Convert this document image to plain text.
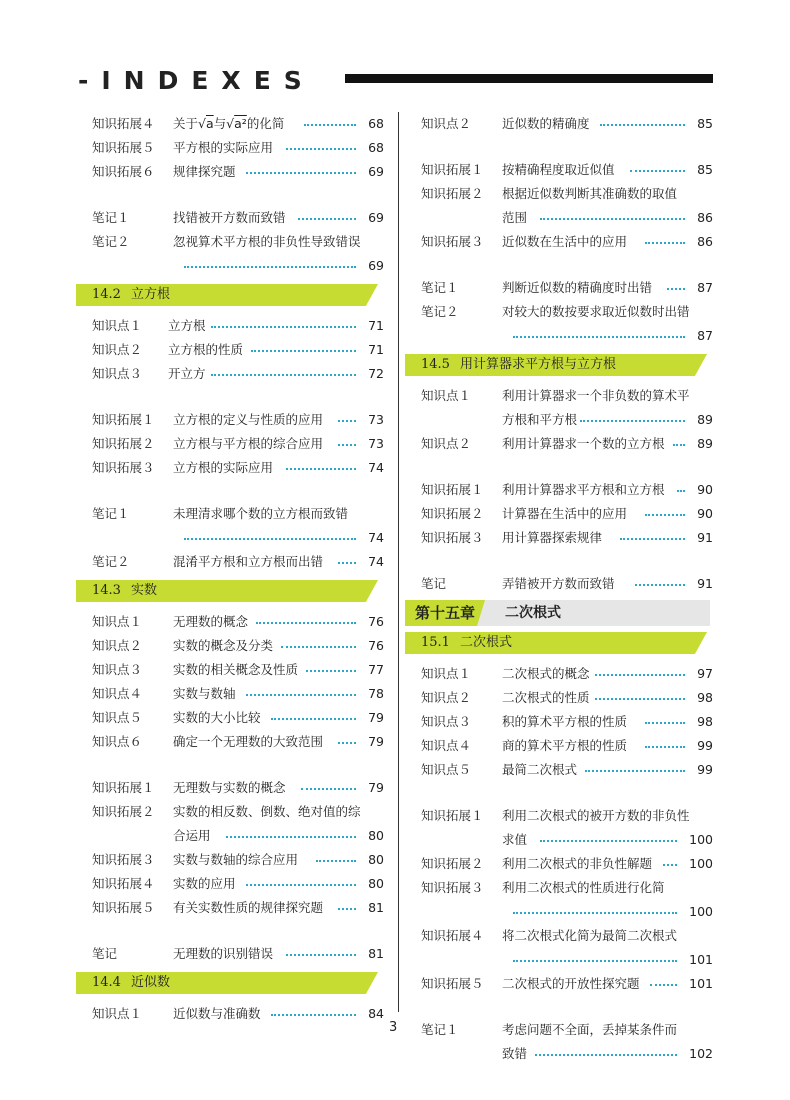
-INDEXES
知识拓展４ 关于√a与√a²的化简	68
知识拓展５ 平方根的实际应用	68
知识拓展６ 规律探究题	69
笔记１	找错被开方数而致错	69
笔记２	忽视算术平方根的非负性导致错误
69
14.2 立方根
知识点１ 立方根	71
知识点２ 立方根的性质	71
知识点３ 开立方	72
知识拓展１ 立方根的定义与性质的应用	73
知识拓展２ 立方根与平方根的综合应用	73
知识拓展３ 立方根的实际应用	74
笔记１	未理清求哪个数的立方根而致错
74
笔记２	混淆平方根和立方根而出错	74
14.3 实数
知识点１ 无理数的概念	76
知识点２ 实数的概念及分类	76
知识点３ 实数的相关概念及性质	77
知识点４ 实数与数轴	78
知识点５ 实数的大小比较	79
知识点６ 确定一个无理数的大致范围	79
知识拓展１ 无理数与实数的概念	79
知识拓展２ 实数的相反数、倒数、绝对值的综
合运用	80
知识拓展３ 实数与数轴的综合应用	80
知识拓展４ 实数的应用	80
知识拓展５ 有关实数性质的规律探究题	81
笔记	无理数的识别错误	81
14.4 近似数
知识点１ 近似数与准确数	84
知识点２ 近似数的精确度	85
知识拓展１ 按精确程度取近似值	85
知识拓展２ 根据近似数判断其准确数的取值
范围	86
知识拓展３ 近似数在生活中的应用	86
笔记１	判断近似数的精确度时出错	87
笔记２	对较大的数按要求取近似数时出错
87
14.5 用计算器求平方根与立方根
知识点１ 利用计算器求一个非负数的算术平
方根和平方根	89
知识点２ 利用计算器求一个数的立方根	89
知识拓展１ 利用计算器求平方根和立方根	90
知识拓展２ 计算器在生活中的应用	90
知识拓展３ 用计算器探索规律	91
笔记	弄错被开方数而致错	91
第十五章 二次根式
15.1 二次根式
知识点１ 二次根式的概念	97
知识点２ 二次根式的性质	98
知识点３ 积的算术平方根的性质	98
知识点４ 商的算术平方根的性质	99
知识点５ 最简二次根式	99
知识拓展１ 利用二次根式的被开方数的非负性
求值	100
知识拓展２ 利用二次根式的非负性解题	100
知识拓展３ 利用二次根式的性质进行化简
100
知识拓展４ 将二次根式化简为最简二次根式
101
知识拓展５ 二次根式的开放性探究题	101
笔记１	考虑问题不全面，丢掉某条件而
致错	102
3
